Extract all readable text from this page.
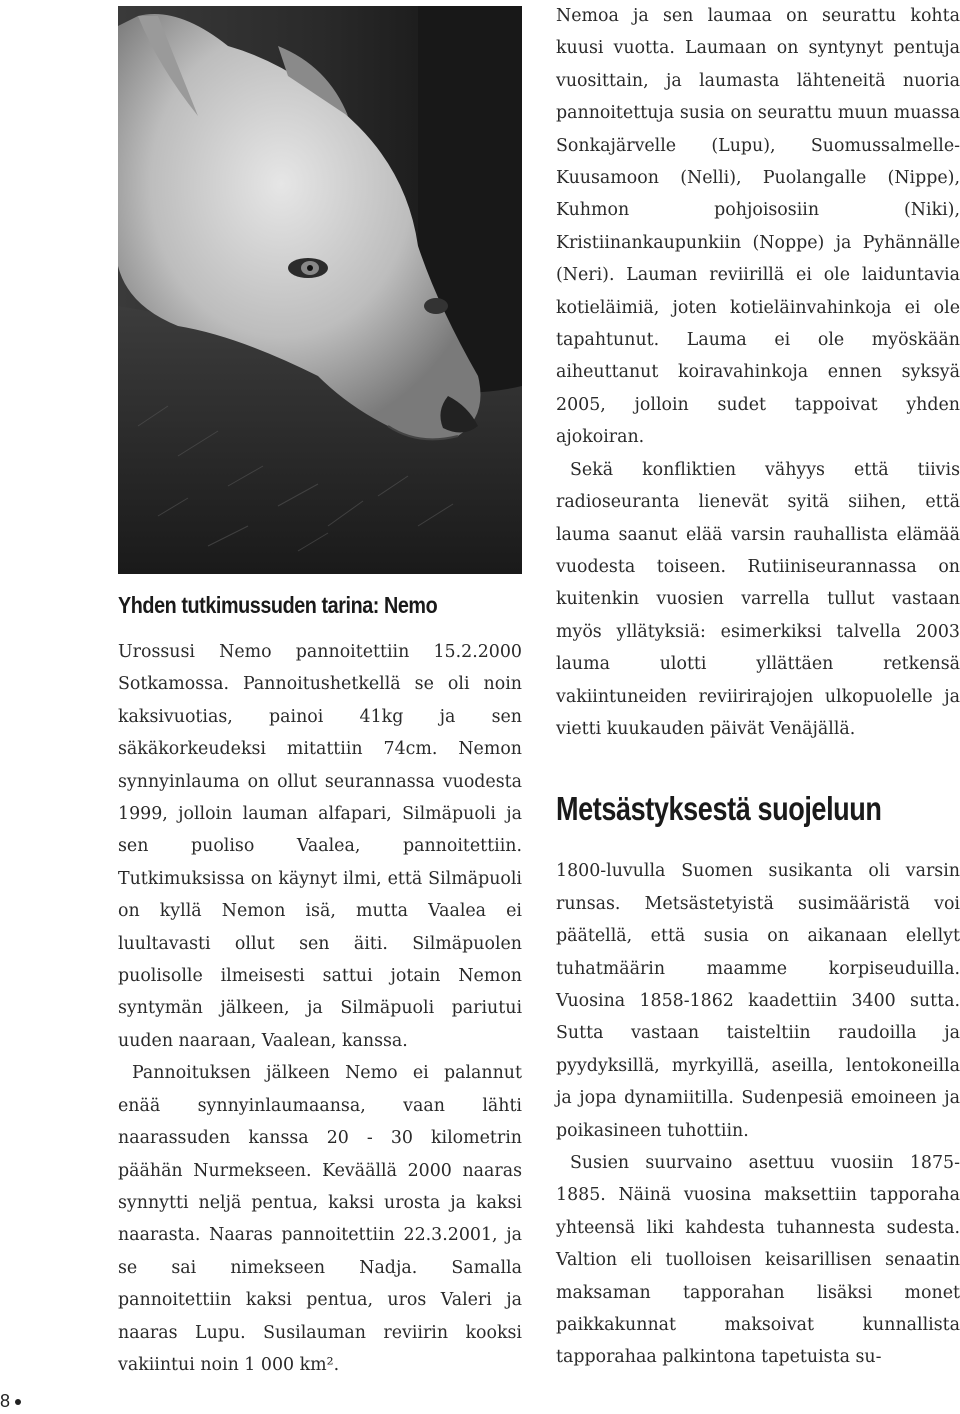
Yhden tutkimussuden tarina: Nemo

Urossusi Nemo pannoitettiin 15.2.2000 Sotkamossa. Pannoitushetkellä se oli noin kaksivuotias, painoi 41kg ja sen säkäkorkeudeksi mitattiin 74cm. Nemon synnyinlauma on ollut seurannassa vuodesta 1999, jolloin lauman alfapari, Silmäpuoli ja sen puoliso Vaalea, pannoitettiin. Tutkimuksissa on käynyt ilmi, että Silmäpuoli on kyllä Nemon isä, mutta Vaalea ei luultavasti ollut sen äiti. Silmäpuolen puolisolle ilmeisesti sattui jotain Nemon syntymän jälkeen, ja Silmäpuoli pariutui uuden naaraan, Vaalean, kanssa.

Pannoituksen jälkeen Nemo ei palannut enää synnyinlaumaansa, vaan lähti naarassuden kanssa 20 - 30 kilometrin päähän Nurmekseen. Keväällä 2000 naaras synnytti neljä pentua, kaksi urosta ja kaksi naarasta. Naaras pannoitettiin 22.3.2001, ja se sai nimekseen Nadja. Samalla pannoitettiin kaksi pentua, uros Valeri ja naaras Lupu. Susilauman reviirin kooksi vakiintui noin 1 000 km².

Nemoa ja sen laumaa on seurattu kohta kuusi vuotta. Laumaan on syntynyt pentuja vuosittain, ja laumasta lähteneitä nuoria pannoitettuja susia on seurattu muun muassa Sonkajärvelle (Lupu), Suomussalmelle-Kuusamoon (Nelli), Puolangalle (Nippe), Kuhmon pohjoisosiin (Niki), Kristiinankaupunkiin (Noppe) ja Pyhännälle (Neri). Lauman reviirillä ei ole laiduntavia kotieläimiä, joten kotieläinvahinkoja ei ole tapahtunut. Lauma ei ole myöskään aiheuttanut koiravahinkoja ennen syksyä 2005, jolloin sudet tappoivat yhden ajokoiran.

Sekä konfliktien vähyys että tiivis radioseuranta lienevät syitä siihen, että lauma saanut elää varsin rauhallista elämää vuodesta toiseen. Rutiiniseurannassa on kuitenkin vuosien varrella tullut vastaan myös yllätyksiä: esimerkiksi talvella 2003 lauma ulotti yllättäen retkensä vakiintuneiden reviirirajojen ulkopuolelle ja vietti kuukauden päivät Venäjällä.

Metsästyksestä suojeluun

1800-luvulla Suomen susikanta oli varsin runsas. Metsästetyistä susimääristä voi päätellä, että susia on aikanaan elellyt tuhatmäärin maamme korpiseuduilla. Vuosina 1858-1862 kaadettiin 3400 sutta. Sutta vastaan taisteltiin raudoilla ja pyydyksillä, myrkyillä, aseilla, lentokoneilla ja jopa dynamiitilla. Sudenpesiä emoineen ja poikasineen tuhottiin.

Susien suurvaino asettuu vuosiin 1875-1885. Näinä vuosina maksettiin tapporaha yhteensä liki kahdesta tuhannesta sudesta. Valtion eli tuolloisen keisarillisen senaatin maksaman tapporahan lisäksi monet paikkakunnat maksoivat kunnallista tapporahaa palkintona tapetuista su-

8
